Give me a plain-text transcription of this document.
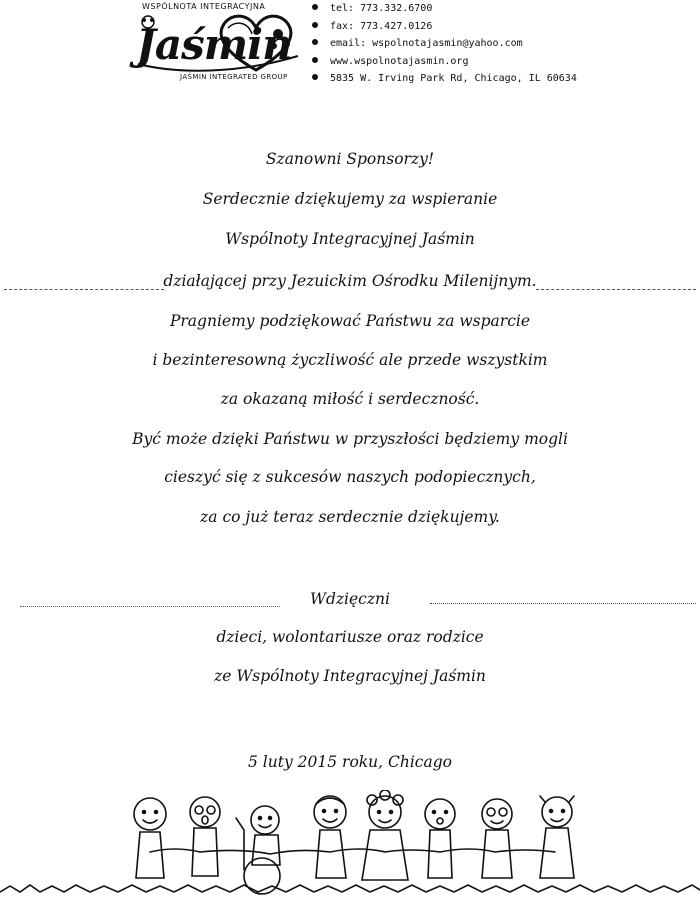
WSPÓLNOTA INTEGRACYJNA
Jaśmin
JAŚMIN INTEGRATED GROUP
tel: 773.332.6700
fax: 773.427.0126
email: wspolnotajasmin@yahoo.com
www.wspolnotajasmin.org
5835 W. Irving Park Rd, Chicago, IL 60634
Szanowni Sponsorzy!
Serdecznie dziękujemy za wspieranie
Wspólnoty Integracyjnej Jaśmin
działającej przy Jezuickim Ośrodku Milenijnym.
Pragniemy podziękować Państwu za wsparcie
i bezinteresowną życzliwość ale przede wszystkim
za okazaną miłość i serdeczność.
Być może dzięki Państwu w przyszłości będziemy mogli
cieszyć się z sukcesów naszych podopiecznych,
za co już teraz serdecznie dziękujemy.
Wdzięczni
dzieci, wolontariusze oraz rodzice
ze Wspólnoty Integracyjnej Jaśmin
5 luty 2015 roku, Chicago
